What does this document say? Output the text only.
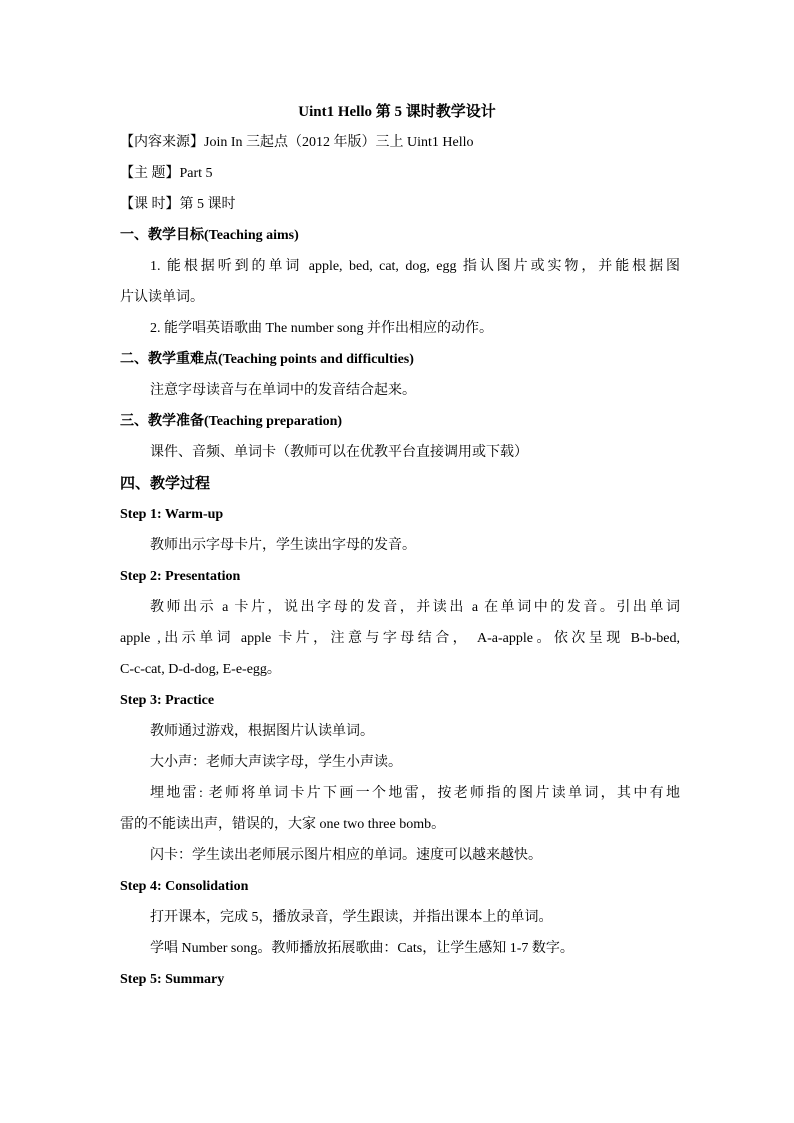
Uint1 Hello 第 5 课时教学设计
【内容来源】Join In 三起点（2012 年版）三上 Uint1 Hello
【主 题】Part 5
【课 时】第 5 课时
一、教学目标(Teaching aims)
1. 能根据听到的单词 apple, bed, cat, dog, egg 指认图片或实物，并能根据图
片认读单词。
2. 能学唱英语歌曲 The number song 并作出相应的动作。
二、教学重难点(Teaching points and difficulties)
注意字母读音与在单词中的发音结合起来。
三、教学准备(Teaching preparation)
课件、音频、单词卡（教师可以在优教平台直接调用或下载）
四、教学过程
Step 1: Warm-up
教师出示字母卡片，学生读出字母的发音。
Step 2: Presentation
教师出示 a 卡片，说出字母的发音，并读出 a 在单词中的发音。引出单词
apple ,出示单词 apple 卡片，注意与字母结合， A-a-apple。依次呈现 B-b-bed,
C-c-cat, D-d-dog, E-e-egg。
Step 3: Practice
教师通过游戏，根据图片认读单词。
大小声：老师大声读字母，学生小声读。
埋地雷: 老师将单词卡片下画一个地雷，按老师指的图片读单词，其中有地
雷的不能读出声，错误的，大家 one two three bomb。
闪卡：学生读出老师展示图片相应的单词。速度可以越来越快。
Step 4: Consolidation
打开课本，完成 5，播放录音，学生跟读，并指出课本上的单词。
学唱 Number song。教师播放拓展歌曲：Cats，让学生感知 1-7 数字。
Step 5: Summary
